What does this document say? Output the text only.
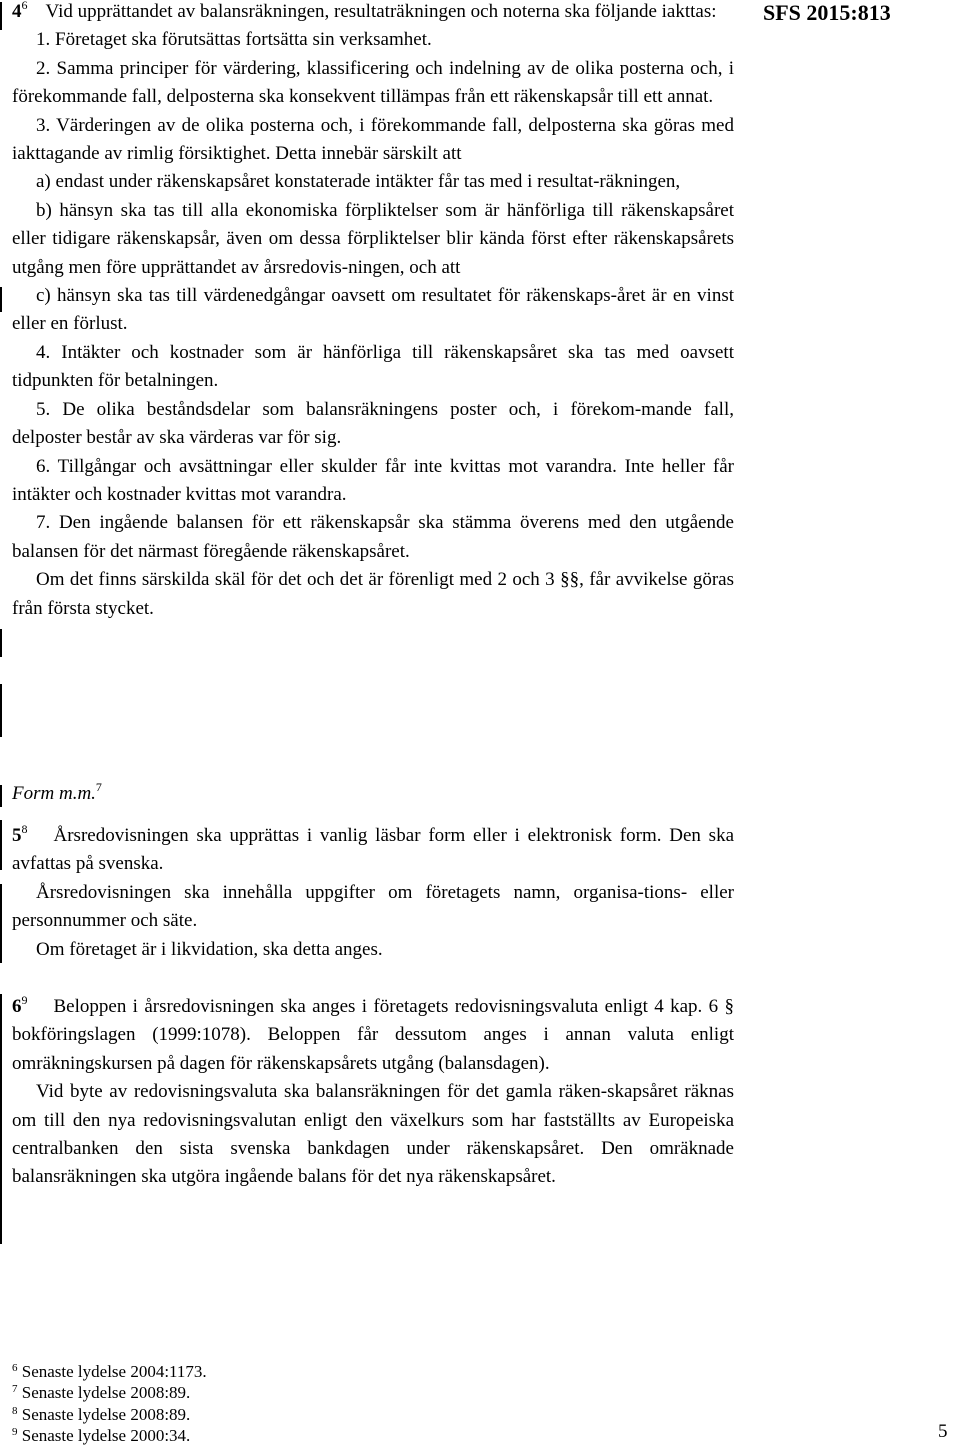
SFS 2015:813

$4^6$ Vid upprättandet av balansräkningen, resultaträkningen och noterna ska följande iakttas:

1. Företaget ska förutsättas fortsätta sin verksamhet.

2. Samma principer för värdering, klassificering och indelning av de olika posterna och, i förekommande fall, delposterna ska konsekvent tillämpas från ett räkenskapsår till ett annat.

3. Värderingen av de olika posterna och, i förekommande fall, delposterna ska göras med iakttagande av rimlig försiktighet. Detta innebär särskilt att

a) endast under räkenskapsåret konstaterade intäkter får tas med i resultat-räkningen,

b) hänsyn ska tas till alla ekonomiska förpliktelser som är hänförliga till räkenskapsåret eller tidigare räkenskapsår, även om dessa förpliktelser blir kända först efter räkenskapsårets utgång men före upprättandet av årsredovis-ningen, och att

c) hänsyn ska tas till värdenedgångar oavsett om resultatet för räkenskaps-året är en vinst eller en förlust.

4. Intäkter och kostnader som är hänförliga till räkenskapsåret ska tas med oavsett tidpunkten för betalningen.

5. De olika beståndsdelar som balansräkningens poster och, i förekom-mande fall, delposter består av ska värderas var för sig.

6. Tillgångar och avsättningar eller skulder får inte kvittas mot varandra. Inte heller får intäkter och kostnader kvittas mot varandra.

7. Den ingående balansen för ett räkenskapsår ska stämma överens med den utgående balansen för det närmast föregående räkenskapsåret.

Om det finns särskilda skäl för det och det är förenligt med 2 och 3 §§, får avvikelse göras från första stycket.

Form m.m.$^7$

$5^8$ Årsredovisningen ska upprättas i vanlig läsbar form eller i elektronisk form. Den ska avfattas på svenska.

Årsredovisningen ska innehålla uppgifter om företagets namn, organisa-tions- eller personnummer och säte.

Om företaget är i likvidation, ska detta anges.

$6^9$ Beloppen i årsredovisningen ska anges i företagets redovisningsvaluta enligt 4 kap. 6 § bokföringslagen (1999:1078). Beloppen får dessutom anges i annan valuta enligt omräkningskursen på dagen för räkenskapsårets utgång (balansdagen).

Vid byte av redovisningsvaluta ska balansräkningen för det gamla räken-skapsåret räknas om till den nya redovisningsvalutan enligt den växelkurs som har fastställts av Europeiska centralbanken den sista svenska bankdagen under räkenskapsåret. Den omräknade balansräkningen ska utgöra ingående balans för det nya räkenskapsåret.

$^6$ Senaste lydelse 2004:1173.
$^7$ Senaste lydelse 2008:89.
$^8$ Senaste lydelse 2008:89.
$^9$ Senaste lydelse 2000:34.	5
